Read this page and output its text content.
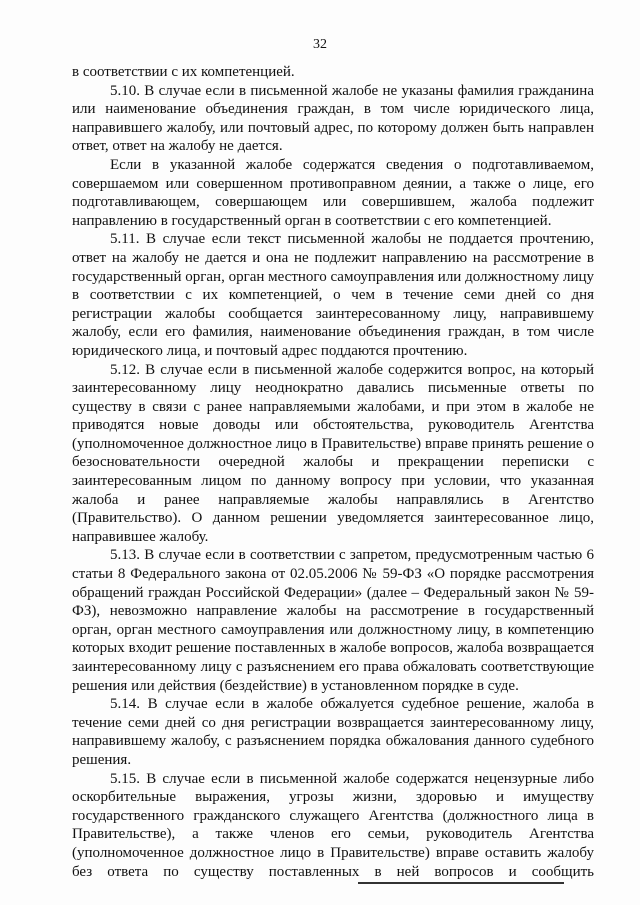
32

в соответствии с их компетенцией.

5.10. В случае если в письменной жалобе не указаны фамилия гражданина или наименование объединения граждан, в том числе юридического лица, направившего жалобу, или почтовый адрес, по которому должен быть направлен ответ, ответ на жалобу не дается.

Если в указанной жалобе содержатся сведения о подготавливаемом, совершаемом или совершенном противоправном деянии, а также о лице, его подготавливающем, совершающем или совершившем, жалоба подлежит направлению в государственный орган в соответствии с его компетенцией.

5.11. В случае если текст письменной жалобы не поддается прочтению, ответ на жалобу не дается и она не подлежит направлению на рассмотрение в государственный орган, орган местного самоуправления или должностному лицу в соответствии с их компетенцией, о чем в течение семи дней со дня регистрации жалобы сообщается заинтересованному лицу, направившему жалобу, если его фамилия, наименование объединения граждан, в том числе юридического лица, и почтовый адрес поддаются прочтению.

5.12. В случае если в письменной жалобе содержится вопрос, на который заинтересованному лицу неоднократно давались письменные ответы по существу в связи с ранее направляемыми жалобами, и при этом в жалобе не приводятся новые доводы или обстоятельства, руководитель Агентства (уполномоченное должностное лицо в Правительстве) вправе принять решение о безосновательности очередной жалобы и прекращении переписки с заинтересованным лицом по данному вопросу при условии, что указанная жалоба и ранее направляемые жалобы направлялись в Агентство (Правительство). О данном решении уведомляется заинтересованное лицо, направившее жалобу.

5.13. В случае если в соответствии с запретом, предусмотренным частью 6 статьи 8 Федерального закона от 02.05.2006 № 59-ФЗ «О порядке рассмотрения обращений граждан Российской Федерации» (далее – Федеральный закон № 59-ФЗ), невозможно направление жалобы на рассмотрение в государственный орган, орган местного самоуправления или должностному лицу, в компетенцию которых входит решение поставленных в жалобе вопросов, жалоба возвращается заинтересованному лицу с разъяснением его права обжаловать соответствующие решения или действия (бездействие) в установленном порядке в суде.

5.14. В случае если в жалобе обжалуется судебное решение, жалоба в течение семи дней со дня регистрации возвращается заинтересованному лицу, направившему жалобу, с разъяснением порядка обжалования данного судебного решения.

5.15. В случае если в письменной жалобе содержатся нецензурные либо оскорбительные выражения, угрозы жизни, здоровью и имуществу государственного гражданского служащего Агентства (должностного лица в Правительстве), а также членов его семьи, руководитель Агентства (уполномоченное должностное лицо в Правительстве) вправе оставить жалобу без ответа по существу поставленных в ней вопросов и сообщить
